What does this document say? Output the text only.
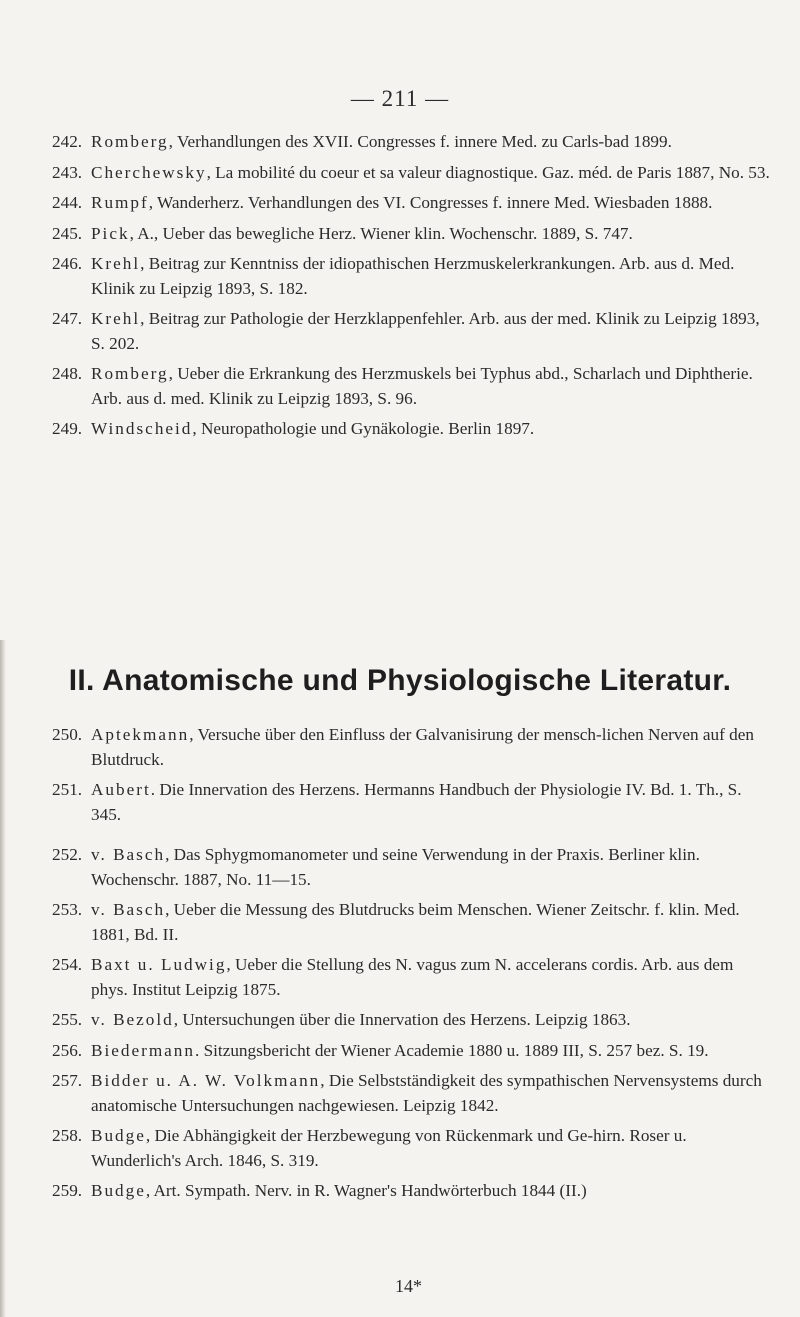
— 211 —
242. Romberg, Verhandlungen des XVII. Congresses f. innere Med. zu Carls-bad 1899.
243. Cherchewsky, La mobilité du coeur et sa valeur diagnostique. Gaz. méd. de Paris 1887, No. 53.
244. Rumpf, Wanderherz. Verhandlungen des VI. Congresses f. innere Med. Wiesbaden 1888.
245. Pick, A., Ueber das bewegliche Herz. Wiener klin. Wochenschr. 1889, S. 747.
246. Krehl, Beitrag zur Kenntniss der idiopathischen Herzmuskelerkrankungen. Arb. aus d. Med. Klinik zu Leipzig 1893, S. 182.
247. Krehl, Beitrag zur Pathologie der Herzklappenfehler. Arb. aus der med. Klinik zu Leipzig 1893, S. 202.
248. Romberg, Ueber die Erkrankung des Herzmuskels bei Typhus abd., Scharlach und Diphtherie. Arb. aus d. med. Klinik zu Leipzig 1893, S. 96.
249. Windscheid, Neuropathologie und Gynäkologie. Berlin 1897.
II. Anatomische und Physiologische Literatur.
250. Aptekmann, Versuche über den Einfluss der Galvanisirung der mensch-lichen Nerven auf den Blutdruck.
251. Aubert. Die Innervation des Herzens. Hermanns Handbuch der Physiologie IV. Bd. 1. Th., S. 345.
252. v. Basch, Das Sphygmomanometer und seine Verwendung in der Praxis. Berliner klin. Wochenschr. 1887, No. 11—15.
253. v. Basch, Ueber die Messung des Blutdrucks beim Menschen. Wiener Zeitschr. f. klin. Med. 1881, Bd. II.
254. Baxt u. Ludwig, Ueber die Stellung des N. vagus zum N. accelerans cordis. Arb. aus dem phys. Institut Leipzig 1875.
255. v. Bezold, Untersuchungen über die Innervation des Herzens. Leipzig 1863.
256. Biedermann. Sitzungsbericht der Wiener Academie 1880 u. 1889 III, S. 257 bez. S. 19.
257. Bidder u. A. W. Volkmann, Die Selbstständigkeit des sympathischen Nervensystems durch anatomische Untersuchungen nachgewiesen. Leipzig 1842.
258. Budge, Die Abhängigkeit der Herzbewegung von Rückenmark und Ge-hirn. Roser u. Wunderlich's Arch. 1846, S. 319.
259. Budge, Art. Sympath. Nerv. in R. Wagner's Handwörterbuch 1844 (II.)
14*
